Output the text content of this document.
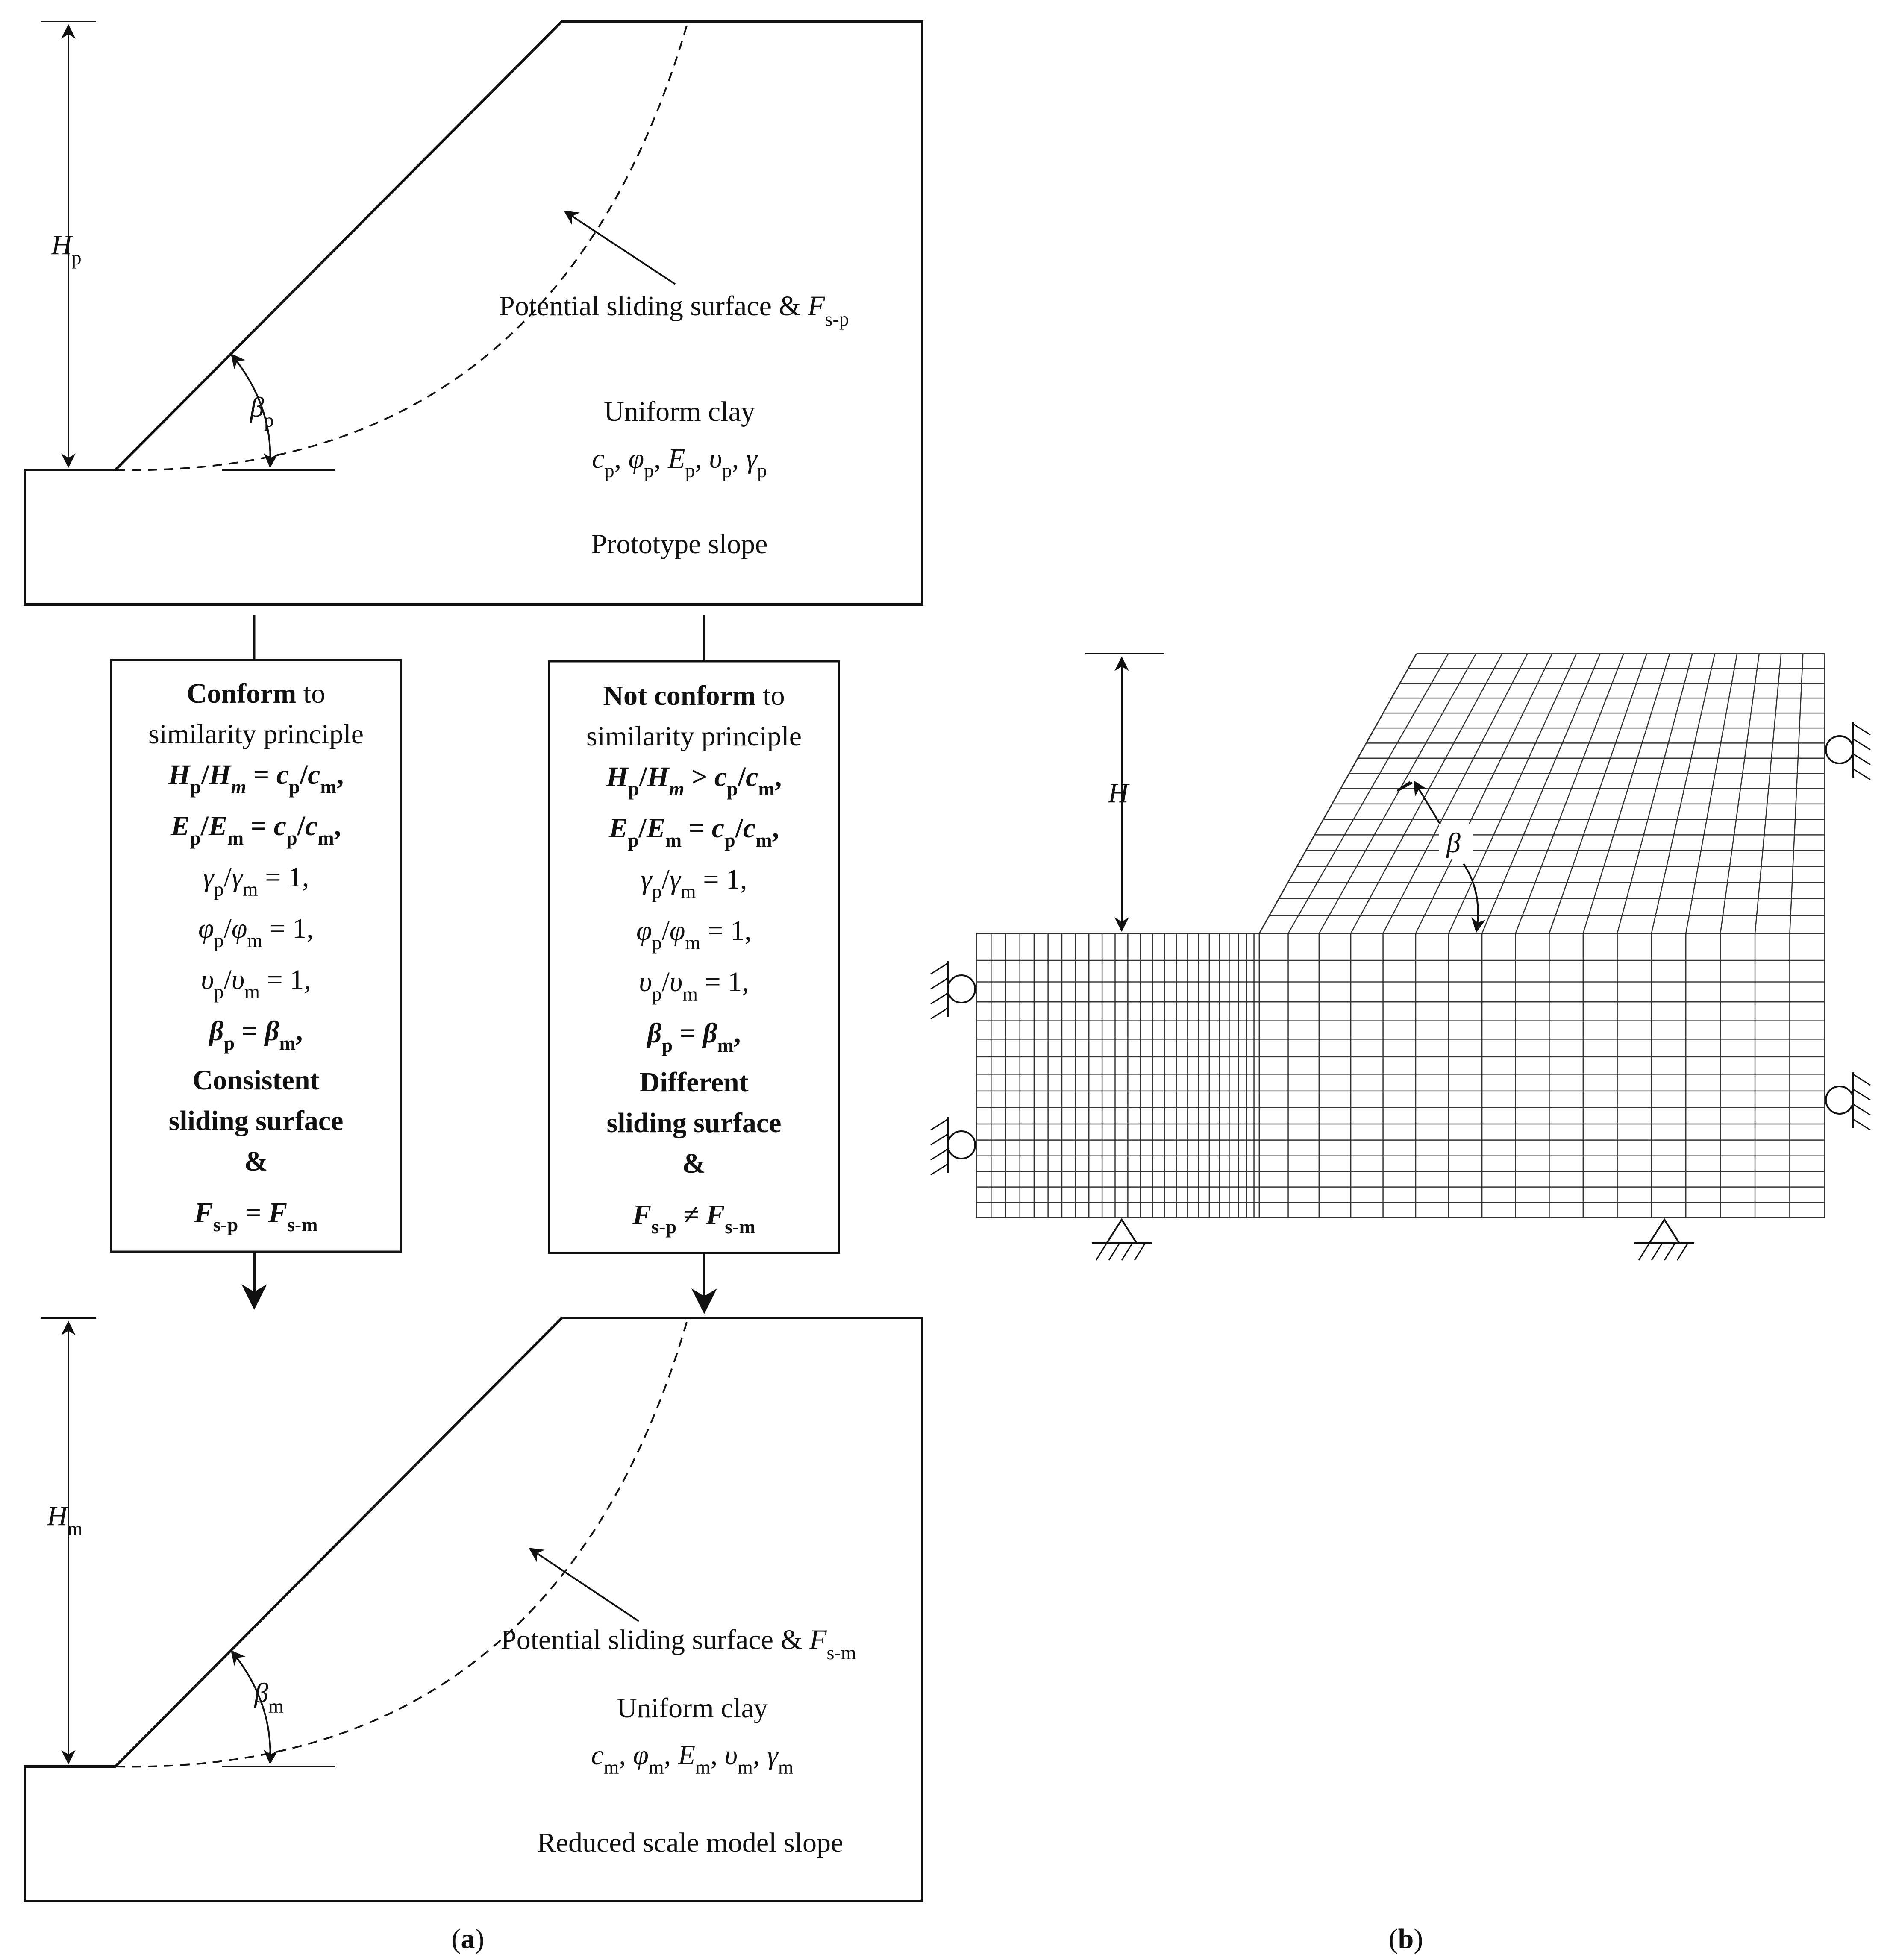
$H_p$
$\beta_p$
Potential sliding surface & $F_{s-p}$
Uniform clay
$c_p$, $\varphi_p$, $E_p$, $\upsilon_p$, $\gamma_p$
Prototype slope
Conform to
similarity principle
$H_p/H_m = c_p/c_m$,
$E_p/E_m = c_p/c_m$,
$\gamma_p/\gamma_m = 1$,
$\varphi_p/\varphi_m = 1$,
$\upsilon_p/\upsilon_m = 1$,
$\beta_p = \beta_m$,
Consistent
sliding surface
&
$F_{s-p} = F_{s-m}$
Not conform to
similarity principle
$H_p/H_m > c_p/c_m$,
$E_p/E_m = c_p/c_m$,
$\gamma_p/\gamma_m = 1$,
$\varphi_p/\varphi_m = 1$,
$\upsilon_p/\upsilon_m = 1$,
$\beta_p = \beta_m$,
Different
sliding surface
&
$F_{s-p} \ne F_{s-m}$
$H_m$
$\beta_m$
Potential sliding surface & $F_{s-m}$
Uniform clay
$c_m$, $\varphi_m$, $E_m$, $\upsilon_m$, $\gamma_m$
Reduced scale model slope
(a)
H
β
(b)
